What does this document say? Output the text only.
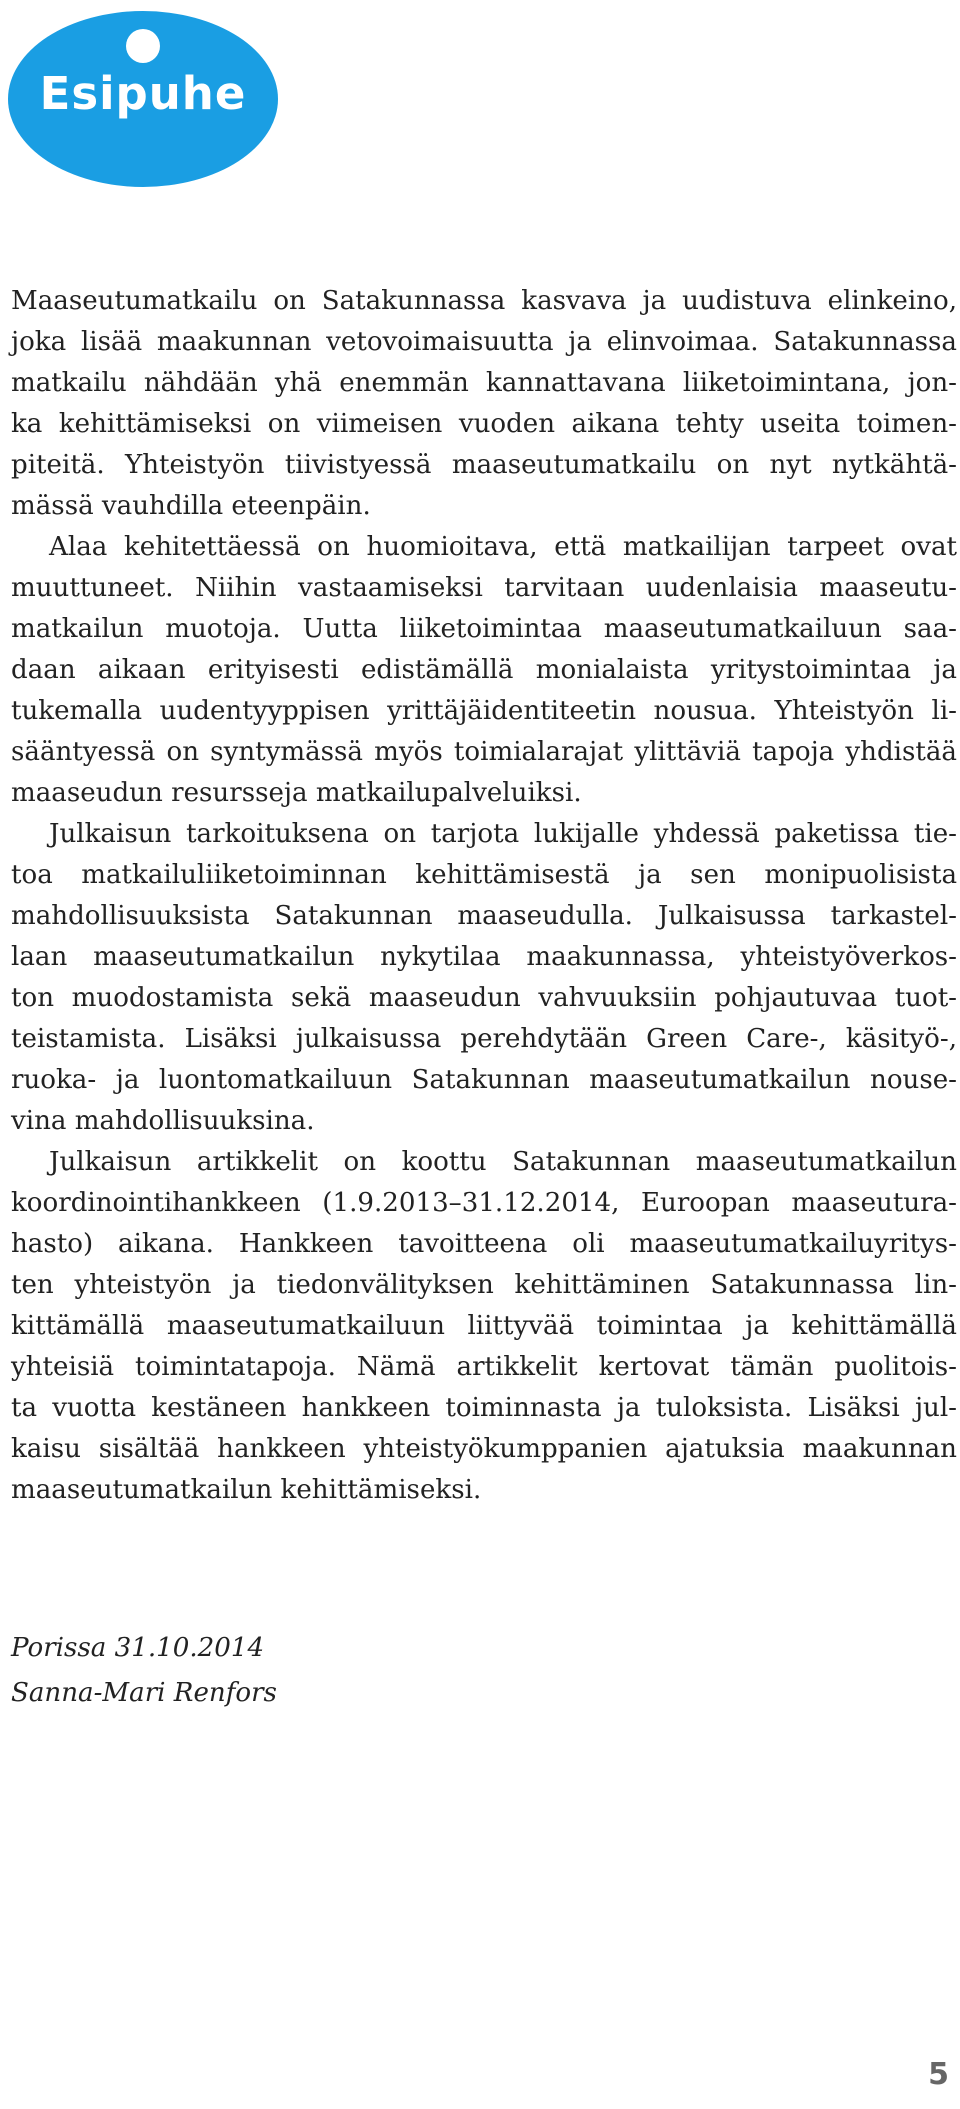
Esipuhe
Maaseutumatkailu on Satakunnassa kasvava ja uudistuva elinkeino,
joka lisää maakunnan vetovoimaisuutta ja elinvoimaa. Satakunnassa
matkailu nähdään yhä enemmän kannattavana liiketoimintana, jon-
ka kehittämiseksi on viimeisen vuoden aikana tehty useita toimen-
piteitä. Yhteistyön tiivistyessä maaseutumatkailu on nyt nytkähtä-
mässä vauhdilla eteenpäin.
Alaa kehitettäessä on huomioitava, että matkailijan tarpeet ovat
muuttuneet. Niihin vastaamiseksi tarvitaan uudenlaisia maaseutu-
matkailun muotoja. Uutta liiketoimintaa maaseutumatkailuun saa-
daan aikaan erityisesti edistämällä monialaista yritystoimintaa ja
tukemalla uudentyyppisen yrittäjäidentiteetin nousua. Yhteistyön li-
sääntyessä on syntymässä myös toimialarajat ylittäviä tapoja yhdistää
maaseudun resursseja matkailupalveluiksi.
Julkaisun tarkoituksena on tarjota lukijalle yhdessä paketissa tie-
toa matkailuliiketoiminnan kehittämisestä ja sen monipuolisista
mahdollisuuksista Satakunnan maaseudulla. Julkaisussa tarkastel-
laan maaseutumatkailun nykytilaa maakunnassa, yhteistyöverkos-
ton muodostamista sekä maaseudun vahvuuksiin pohjautuvaa tuot-
teistamista. Lisäksi julkaisussa perehdytään Green Care-, käsityö-,
ruoka- ja luontomatkailuun Satakunnan maaseutumatkailun nouse-
vina mahdollisuuksina.
Julkaisun artikkelit on koottu Satakunnan maaseutumatkailun
koordinointihankkeen (1.9.2013–31.12.2014, Euroopan maaseutura-
hasto) aikana. Hankkeen tavoitteena oli maaseutumatkailuyritys-
ten yhteistyön ja tiedonvälityksen kehittäminen Satakunnassa lin-
kittämällä maaseutumatkailuun liittyvää toimintaa ja kehittämällä
yhteisiä toimintatapoja. Nämä artikkelit kertovat tämän puolitois-
ta vuotta kestäneen hankkeen toiminnasta ja tuloksista. Lisäksi jul-
kaisu sisältää hankkeen yhteistyökumppanien ajatuksia maakunnan
maaseutumatkailun kehittämiseksi.
Porissa 31.10.2014
Sanna-Mari Renfors
5
